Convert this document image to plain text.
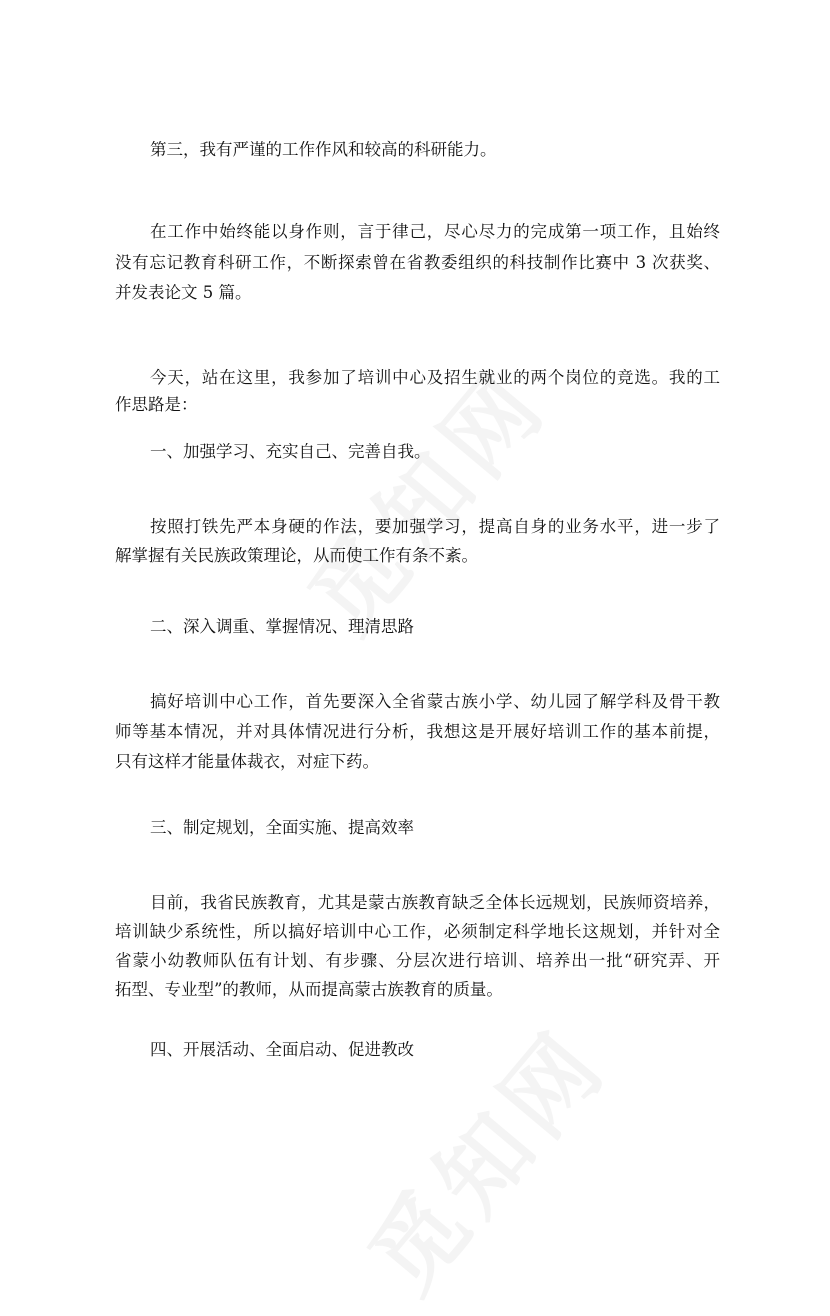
第三，我有严谨的工作作风和较高的科研能力。
在工作中始终能以身作则，言于律己，尽心尽力的完成第一项工作，且始终
没有忘记教育科研工作，不断探索曾在省教委组织的科技制作比赛中 3 次获奖、
并发表论文 5 篇。
今天，站在这里，我参加了培训中心及招生就业的两个岗位的竞选。我的工
作思路是：
一、加强学习、充实自己、完善自我。
按照打铁先严本身硬的作法，要加强学习，提高自身的业务水平，进一步了
解掌握有关民族政策理论，从而使工作有条不紊。
二、深入调重、掌握情况、理清思路
搞好培训中心工作，首先要深入全省蒙古族小学、幼儿园了解学科及骨干教
师等基本情况，并对具体情况进行分析，我想这是开展好培训工作的基本前提，
只有这样才能量体裁衣，对症下药。
三、制定规划，全面实施、提高效率
目前，我省民族教育，尤其是蒙古族教育缺乏全体长远规划，民族师资培养，
培训缺少系统性，所以搞好培训中心工作，必须制定科学地长这规划，并针对全
省蒙小幼教师队伍有计划、有步骤、分层次进行培训、培养出一批“研究弄、开
拓型、专业型”的教师，从而提高蒙古族教育的质量。
四、开展活动、全面启动、促进教改
